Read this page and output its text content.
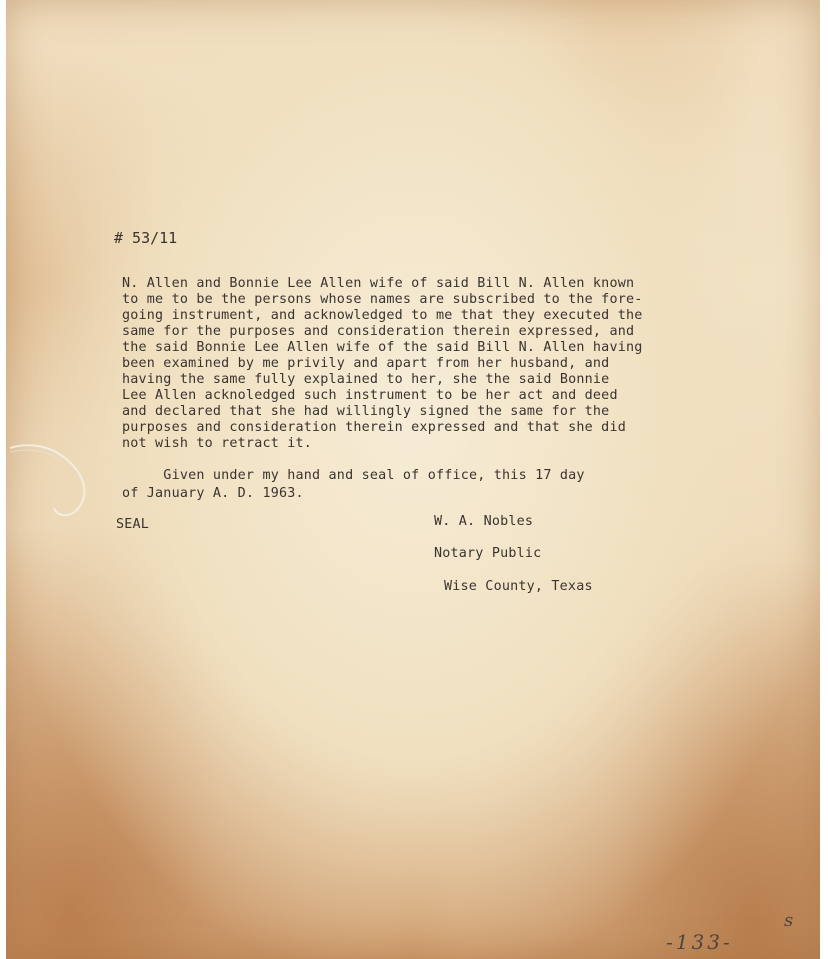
# 53/11
N. Allen and Bonnie Lee Allen wife of said Bill N. Allen known
to me to be the persons whose names are subscribed to the fore-
going instrument, and acknowledged to me that they executed the
same for the purposes and consideration therein expressed, and
the said Bonnie Lee Allen wife of the said Bill N. Allen having
been examined by me privily and apart from her husband, and
having the same fully explained to her, she the said Bonnie
Lee Allen acknoledged such instrument to be her act and deed
and declared that she had willingly signed the same for the
purposes and consideration therein expressed and that she did
not wish to retract it.
Given under my hand and seal of office, this 17 day
of January A. D. 1963.
SEAL	W. A. Nobles
Notary Public
Wise County, Texas
-133-
s
